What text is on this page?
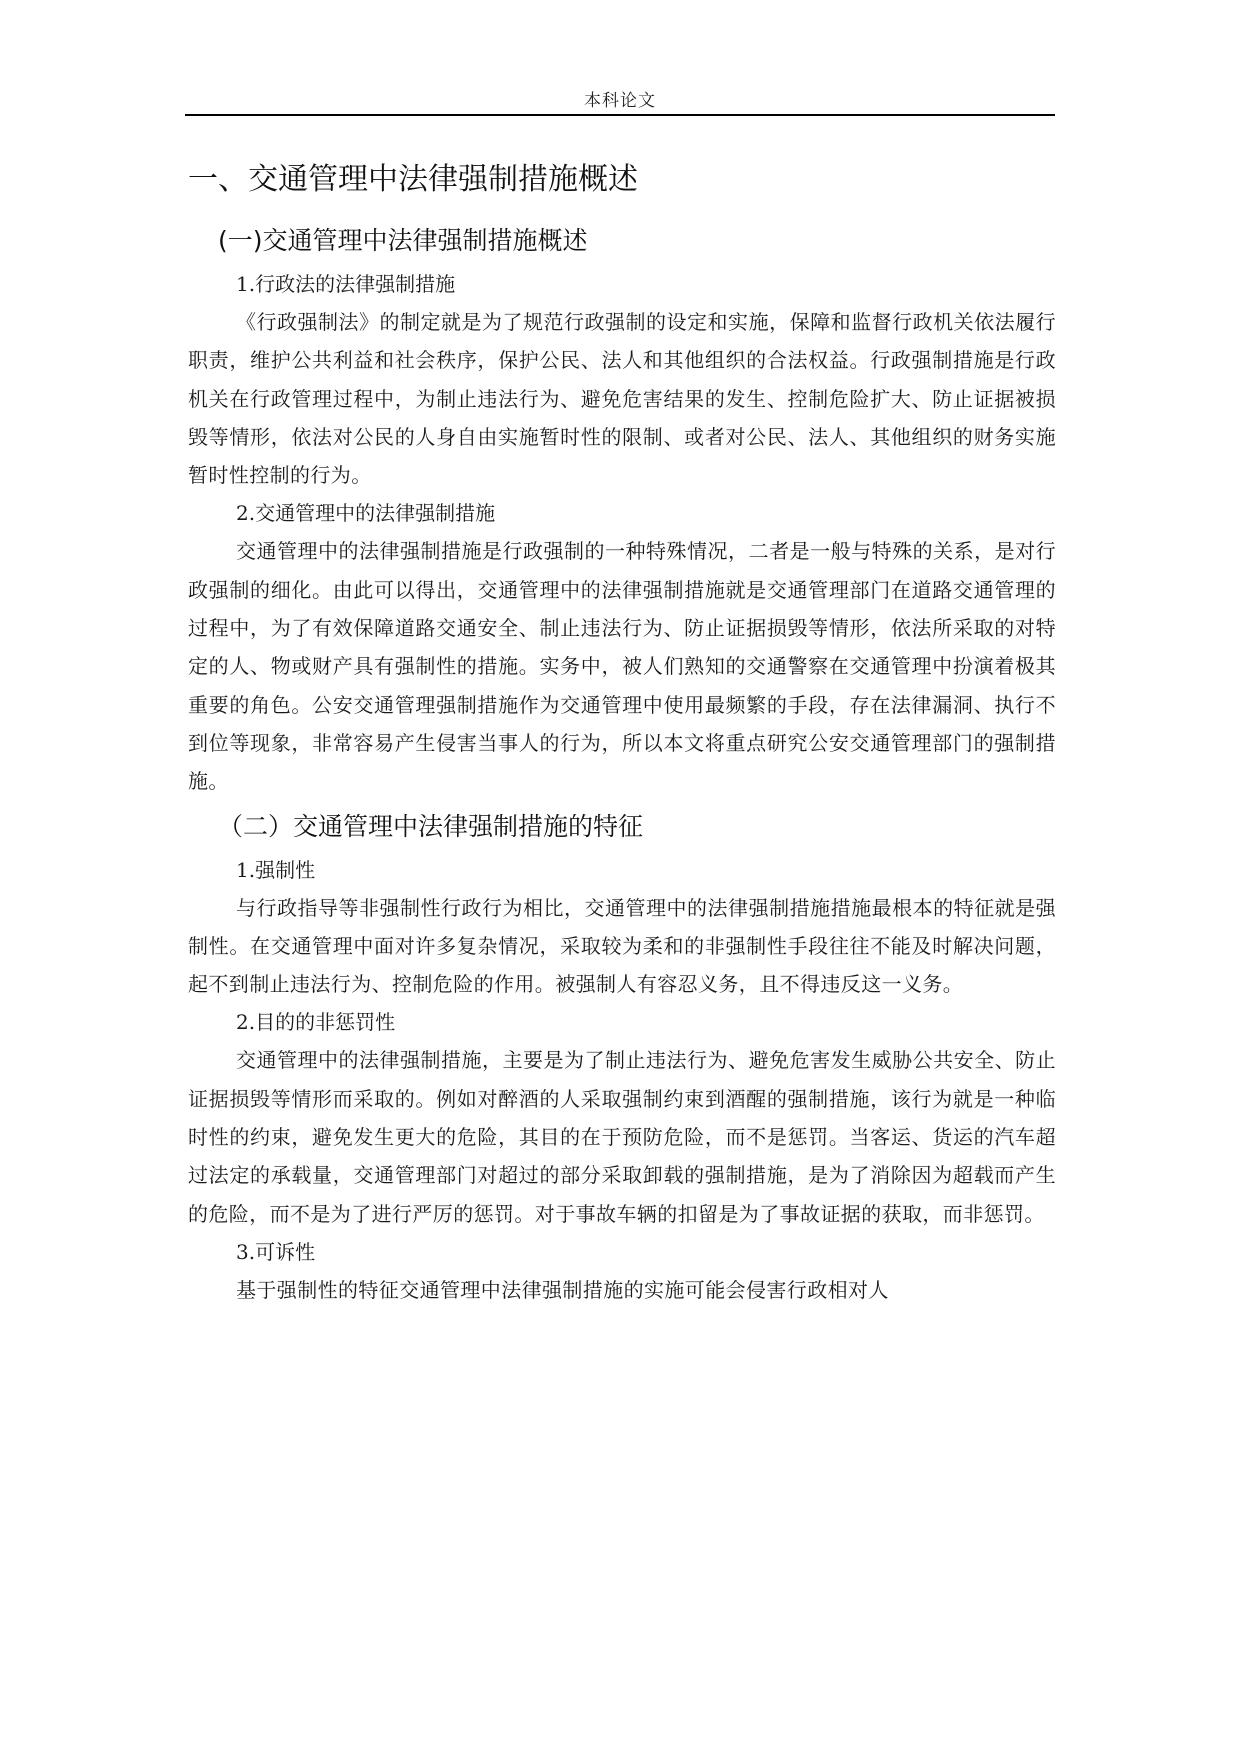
本科论文
一、交通管理中法律强制措施概述
(一)交通管理中法律强制措施概述
1.行政法的法律强制措施

《行政强制法》的制定就是为了规范行政强制的设定和实施，保障和监督行政机关依法履行职责，维护公共利益和社会秩序，保护公民、法人和其他组织的合法权益。行政强制措施是行政机关在行政管理过程中，为制止违法行为、避免危害结果的发生、控制危险扩大、防止证据被损毁等情形，依法对公民的人身自由实施暂时性的限制、或者对公民、法人、其他组织的财务实施暂时性控制的行为。

2.交通管理中的法律强制措施

交通管理中的法律强制措施是行政强制的一种特殊情况，二者是一般与特殊的关系，是对行政强制的细化。由此可以得出，交通管理中的法律强制措施就是交通管理部门在道路交通管理的过程中，为了有效保障道路交通安全、制止违法行为、防止证据损毁等情形，依法所采取的对特定的人、物或财产具有强制性的措施。实务中，被人们熟知的交通警察在交通管理中扮演着极其重要的角色。公安交通管理强制措施作为交通管理中使用最频繁的手段，存在法律漏洞、执行不到位等现象，非常容易产生侵害当事人的行为，所以本文将重点研究公安交通管理部门的强制措施。

（二）交通管理中法律强制措施的特征
1.强制性

与行政指导等非强制性行政行为相比，交通管理中的法律强制措施措施最根本的特征就是强制性。在交通管理中面对许多复杂情况，采取较为柔和的非强制性手段往往不能及时解决问题，起不到制止违法行为、控制危险的作用。被强制人有容忍义务，且不得违反这一义务。

2.目的的非惩罚性

交通管理中的法律强制措施，主要是为了制止违法行为、避免危害发生威胁公共安全、防止证据损毁等情形而采取的。例如对醉酒的人采取强制约束到酒醒的强制措施，该行为就是一种临时性的约束，避免发生更大的危险，其目的在于预防危险，而不是惩罚。当客运、货运的汽车超过法定的承载量，交通管理部门对超过的部分采取卸载的强制措施，是为了消除因为超载而产生的危险，而不是为了进行严厉的惩罚。对于事故车辆的扣留是为了事故证据的获取，而非惩罚。

3.可诉性

基于强制性的特征交通管理中法律强制措施的实施可能会侵害行政相对人
